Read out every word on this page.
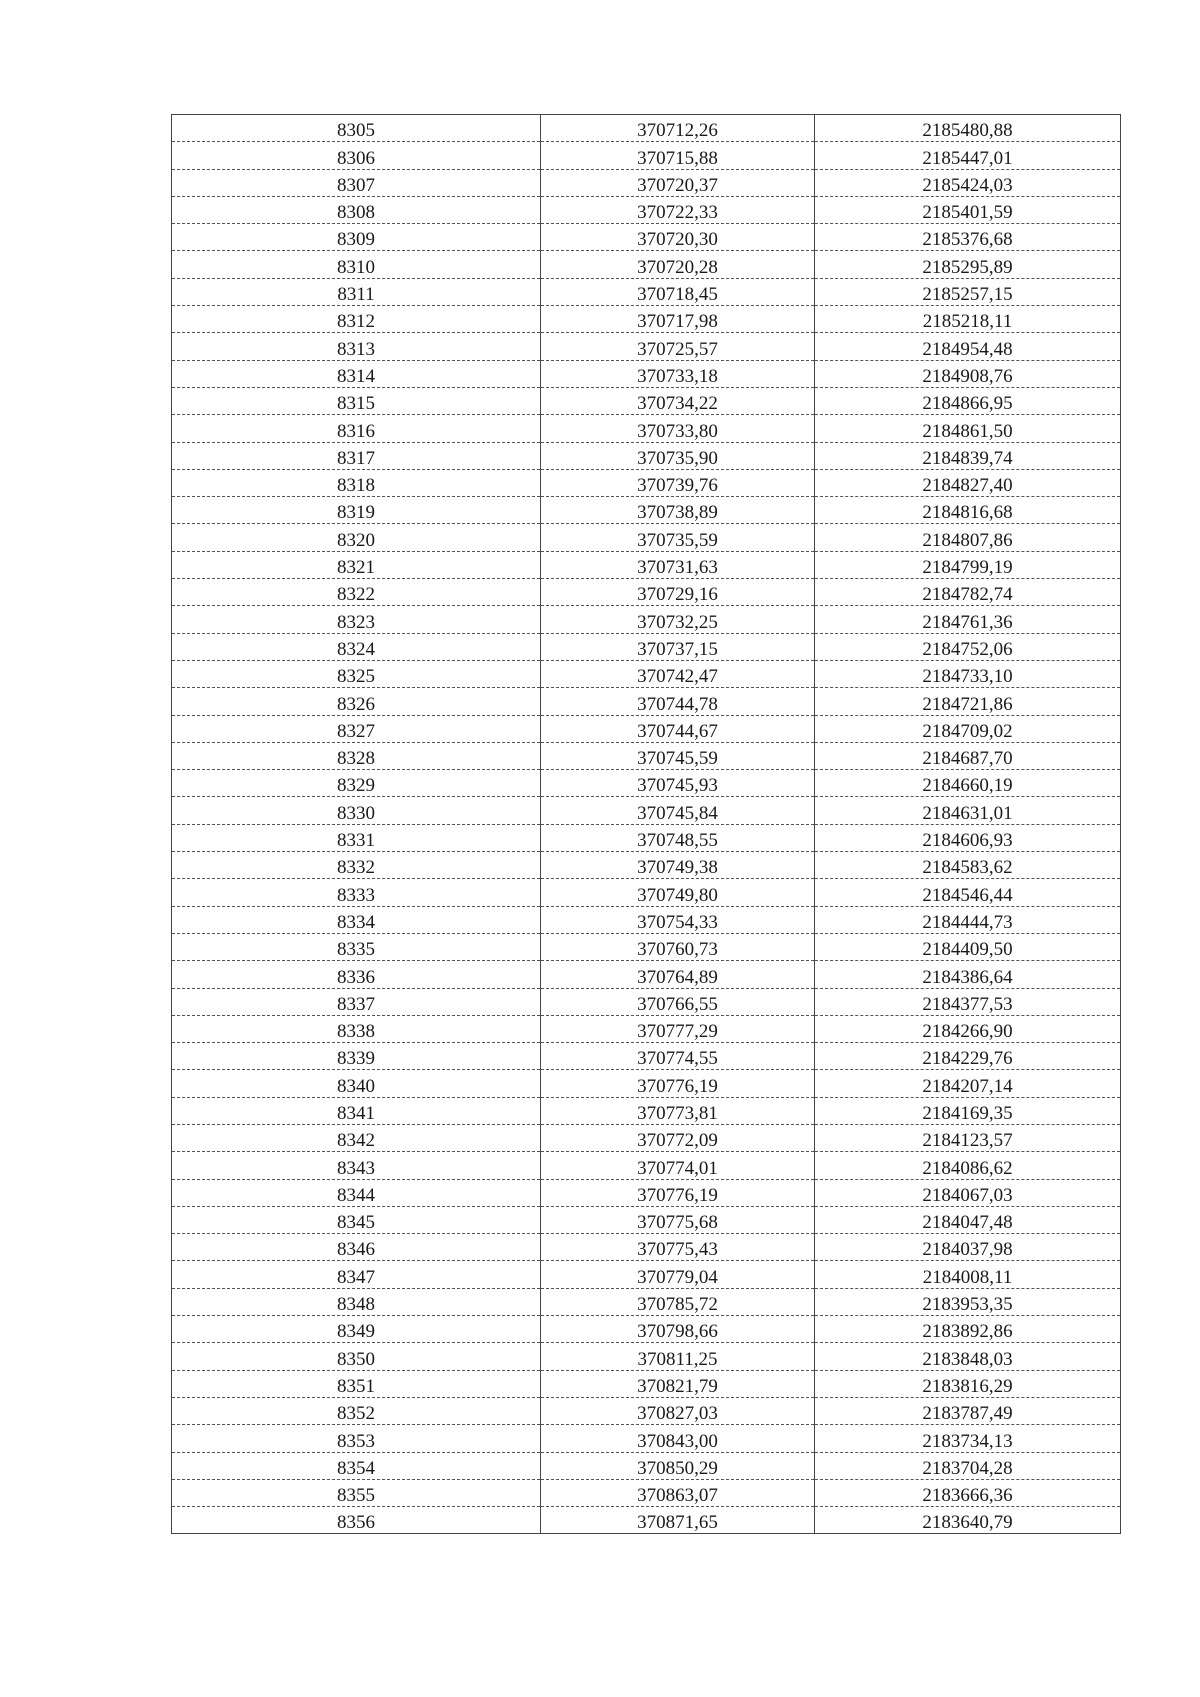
8305	370712,26	2185480,88
8306	370715,88	2185447,01
8307	370720,37	2185424,03
8308	370722,33	2185401,59
8309	370720,30	2185376,68
8310	370720,28	2185295,89
8311	370718,45	2185257,15
8312	370717,98	2185218,11
8313	370725,57	2184954,48
8314	370733,18	2184908,76
8315	370734,22	2184866,95
8316	370733,80	2184861,50
8317	370735,90	2184839,74
8318	370739,76	2184827,40
8319	370738,89	2184816,68
8320	370735,59	2184807,86
8321	370731,63	2184799,19
8322	370729,16	2184782,74
8323	370732,25	2184761,36
8324	370737,15	2184752,06
8325	370742,47	2184733,10
8326	370744,78	2184721,86
8327	370744,67	2184709,02
8328	370745,59	2184687,70
8329	370745,93	2184660,19
8330	370745,84	2184631,01
8331	370748,55	2184606,93
8332	370749,38	2184583,62
8333	370749,80	2184546,44
8334	370754,33	2184444,73
8335	370760,73	2184409,50
8336	370764,89	2184386,64
8337	370766,55	2184377,53
8338	370777,29	2184266,90
8339	370774,55	2184229,76
8340	370776,19	2184207,14
8341	370773,81	2184169,35
8342	370772,09	2184123,57
8343	370774,01	2184086,62
8344	370776,19	2184067,03
8345	370775,68	2184047,48
8346	370775,43	2184037,98
8347	370779,04	2184008,11
8348	370785,72	2183953,35
8349	370798,66	2183892,86
8350	370811,25	2183848,03
8351	370821,79	2183816,29
8352	370827,03	2183787,49
8353	370843,00	2183734,13
8354	370850,29	2183704,28
8355	370863,07	2183666,36
8356	370871,65	2183640,79
